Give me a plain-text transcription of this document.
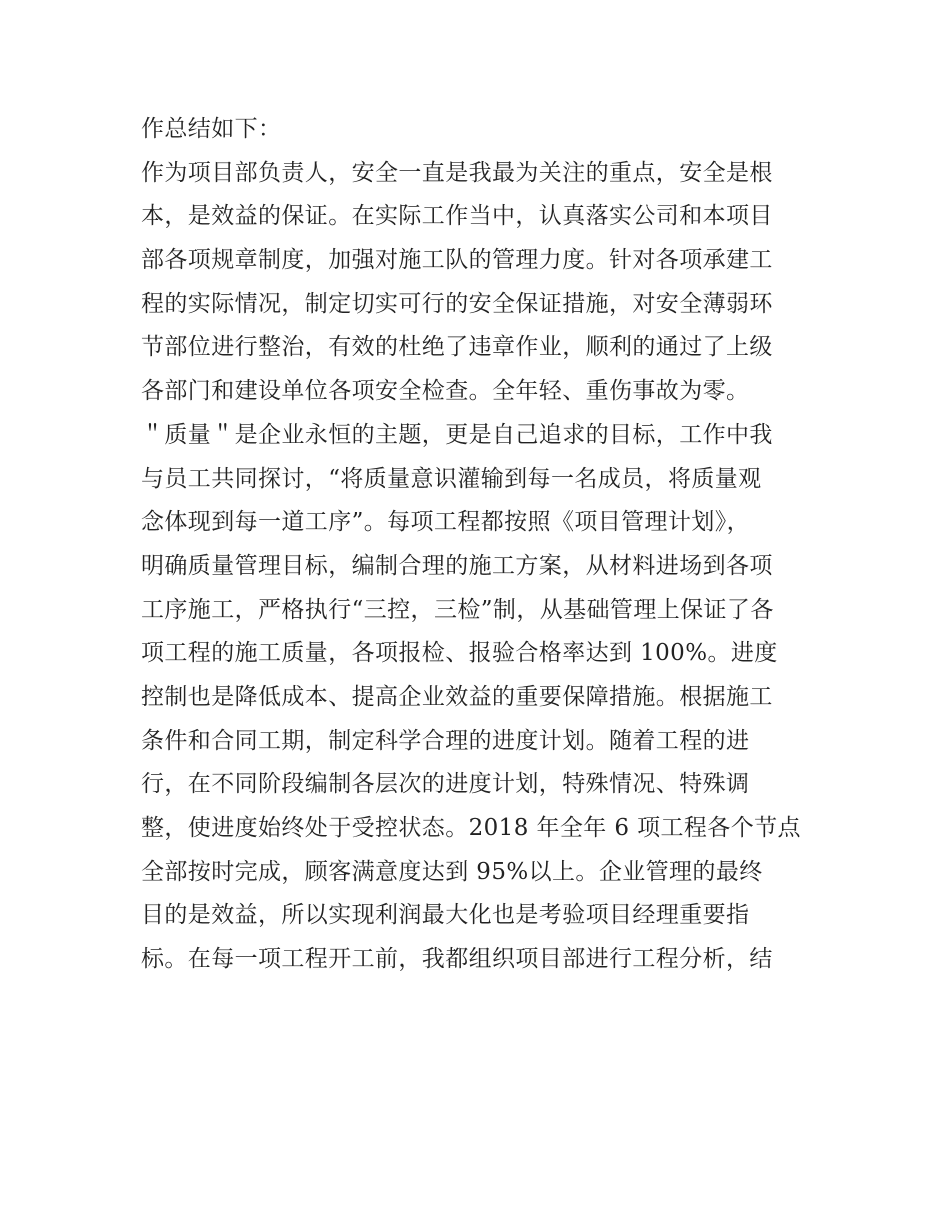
作总结如下：
作为项目部负责人，安全一直是我最为关注的重点，安全是根
本，是效益的保证。在实际工作当中，认真落实公司和本项目
部各项规章制度，加强对施工队的管理力度。针对各项承建工
程的实际情况，制定切实可行的安全保证措施，对安全薄弱环
节部位进行整治，有效的杜绝了违章作业，顺利的通过了上级
各部门和建设单位各项安全检查。全年轻、重伤事故为零。
＂质量＂是企业永恒的主题，更是自己追求的目标，工作中我
与员工共同探讨，“将质量意识灌输到每一名成员，将质量观
念体现到每一道工序”。每项工程都按照《项目管理计划》，
明确质量管理目标，编制合理的施工方案，从材料进场到各项
工序施工，严格执行“三控，三检”制，从基础管理上保证了各
项工程的施工质量，各项报检、报验合格率达到 100%。进度
控制也是降低成本、提高企业效益的重要保障措施。根据施工
条件和合同工期，制定科学合理的进度计划。随着工程的进
行，在不同阶段编制各层次的进度计划，特殊情况、特殊调
整，使进度始终处于受控状态。2018 年全年 6 项工程各个节点
全部按时完成，顾客满意度达到 95%以上。企业管理的最终
目的是效益，所以实现利润最大化也是考验项目经理重要指
标。在每一项工程开工前，我都组织项目部进行工程分析，结
